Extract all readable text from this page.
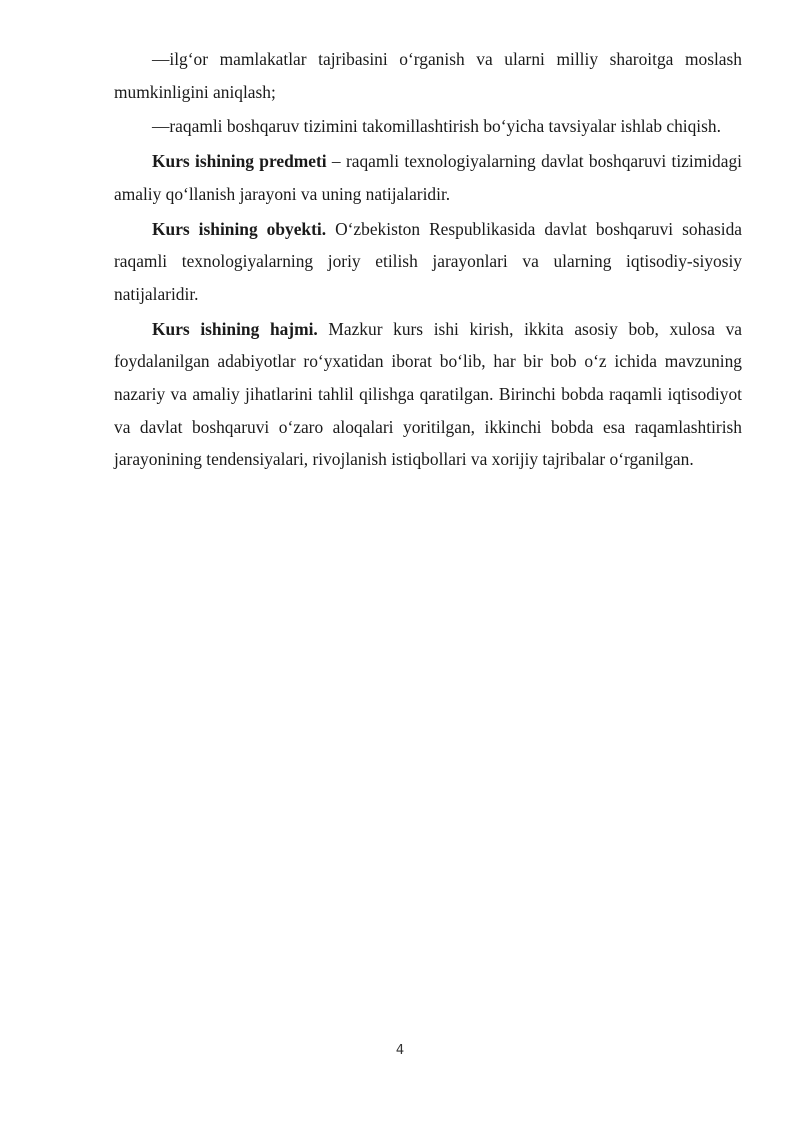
—ilg‘or mamlakatlar tajribasini o‘rganish va ularni milliy sharoitga moslash mumkinligini aniqlash;

—raqamli boshqaruv tizimini takomillashtirish bo‘yicha tavsiyalar ishlab chiqish.

Kurs ishining predmeti – raqamli texnologiyalarning davlat boshqaruvi tizimidagi amaliy qo‘llanish jarayoni va uning natijalaridir.

Kurs ishining obyekti. O‘zbekiston Respublikasida davlat boshqaruvi sohasida raqamli texnologiyalarning joriy etilish jarayonlari va ularning iqtisodiy-siyosiy natijalaridir.

Kurs ishining hajmi. Mazkur kurs ishi kirish, ikkita asosiy bob, xulosa va foydalanilgan adabiyotlar ro‘yxatidan iborat bo‘lib, har bir bob o‘z ichida mavzuning nazariy va amaliy jihatlarini tahlil qilishga qaratilgan. Birinchi bobda raqamli iqtisodiyot va davlat boshqaruvi o‘zaro aloqalari yoritilgan, ikkinchi bobda esa raqamlashtirish jarayonining tendensiyalari, rivojlanish istiqbollari va xorijiy tajribalar o‘rganilgan.

4
